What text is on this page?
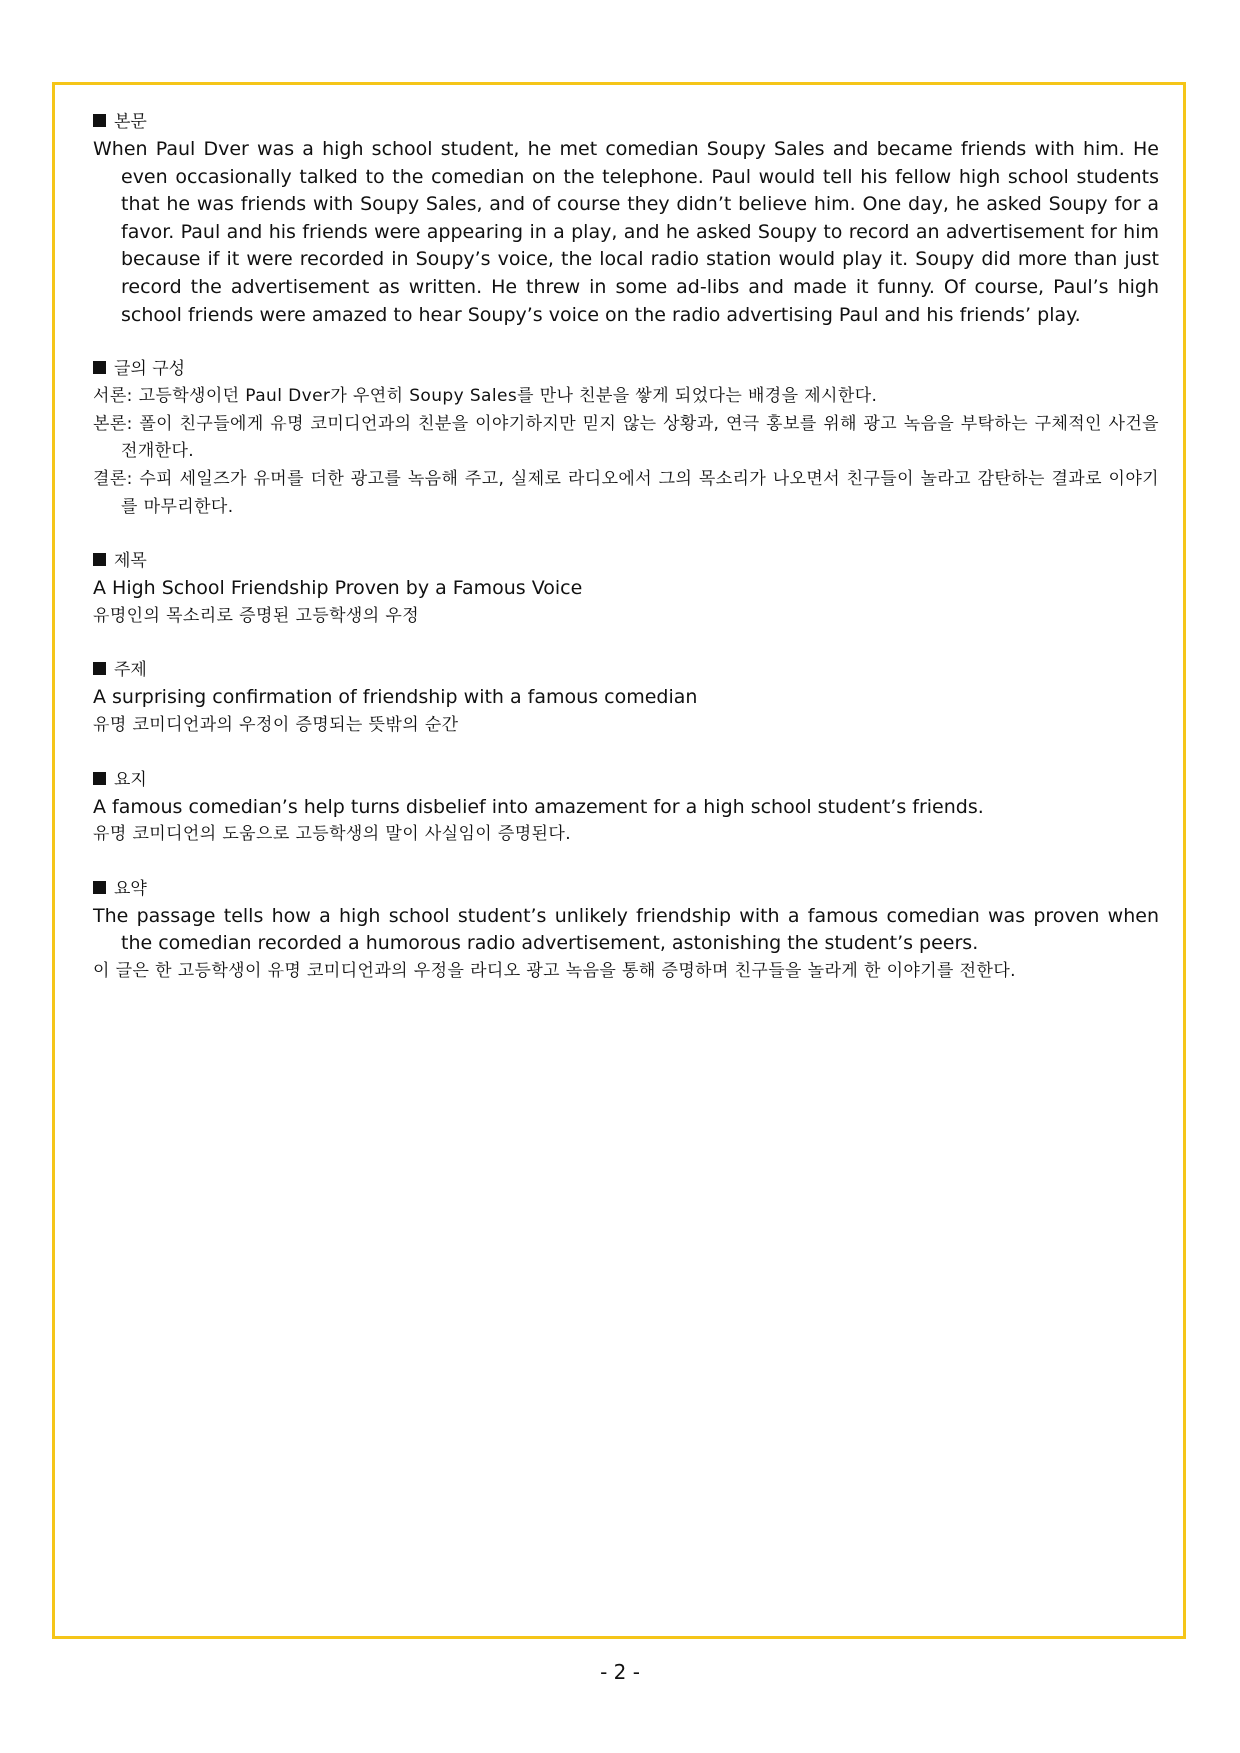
본문
When Paul Dver was a high school student, he met comedian Soupy Sales and became friends with him. He even occasionally talked to the comedian on the telephone. Paul would tell his fellow high school students that he was friends with Soupy Sales, and of course they didn’t believe him. One day, he asked Soupy for a favor. Paul and his friends were appearing in a play, and he asked Soupy to record an advertisement for him because if it were recorded in Soupy’s voice, the local radio station would play it. Soupy did more than just record the advertisement as written. He threw in some ad-libs and made it funny. Of course, Paul’s high school friends were amazed to hear Soupy’s voice on the radio advertising Paul and his friends’ play.
글의 구성
서론: 고등학생이던 Paul Dver가 우연히 Soupy Sales를 만나 친분을 쌓게 되었다는 배경을 제시한다.
본론: 폴이 친구들에게 유명 코미디언과의 친분을 이야기하지만 믿지 않는 상황과, 연극 홍보를 위해 광고 녹음을 부탁하는 구체적인 사건을 전개한다.
결론: 수피 세일즈가 유머를 더한 광고를 녹음해 주고, 실제로 라디오에서 그의 목소리가 나오면서 친구들이 놀라고 감탄하는 결과로 이야기를 마무리한다.
제목
A High School Friendship Proven by a Famous Voice
유명인의 목소리로 증명된 고등학생의 우정
주제
A surprising confirmation of friendship with a famous comedian
유명 코미디언과의 우정이 증명되는 뜻밖의 순간
요지
A famous comedian’s help turns disbelief into amazement for a high school student’s friends.
유명 코미디언의 도움으로 고등학생의 말이 사실임이 증명된다.
요약
The passage tells how a high school student’s unlikely friendship with a famous comedian was proven when the comedian recorded a humorous radio advertisement, astonishing the student’s peers.
이 글은 한 고등학생이 유명 코미디언과의 우정을 라디오 광고 녹음을 통해 증명하며 친구들을 놀라게 한 이야기를 전한다.
- 2 -
